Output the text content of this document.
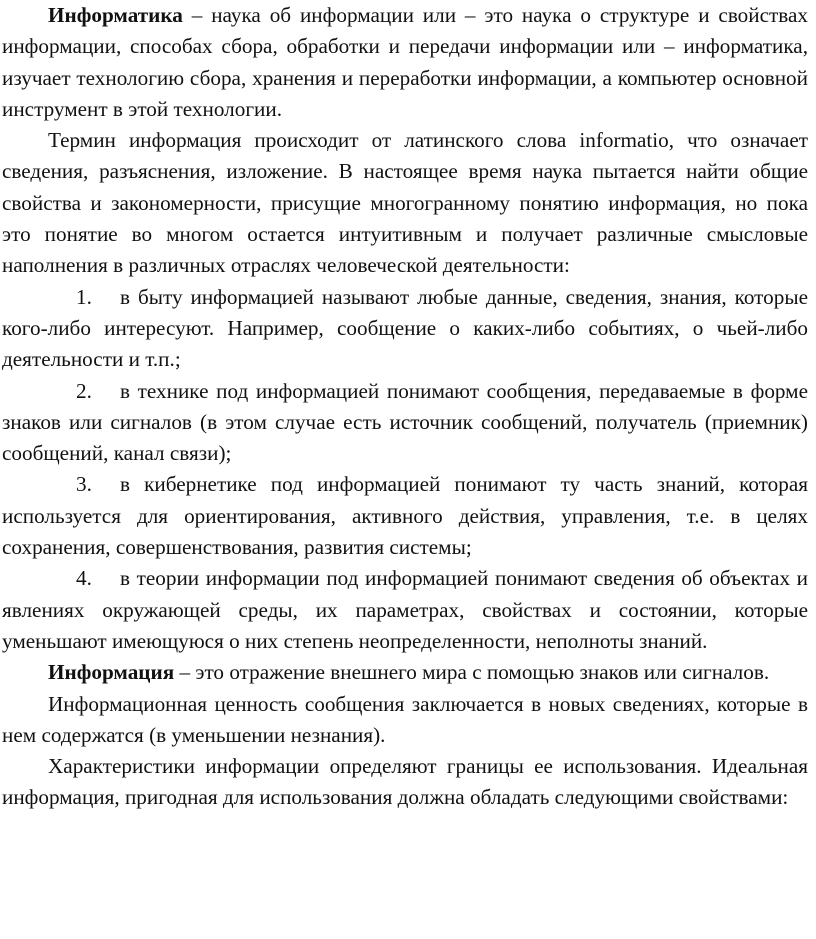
Информатика – наука об информации или – это наука о структуре и свойствах информации, способах сбора, обработки и передачи информации или – информатика, изучает технологию сбора, хранения и переработки информации, а компьютер основной инструмент в этой технологии.

Термин информация происходит от латинского слова informatio, что означает сведения, разъяснения, изложение. В настоящее время наука пытается найти общие свойства и закономерности, присущие многогранному понятию информация, но пока это понятие во многом остается интуитивным и получает различные смысловые наполнения в различных отраслях человеческой деятельности:

1. в быту информацией называют любые данные, сведения, знания, которые кого-либо интересуют. Например, сообщение о каких-либо событиях, о чьей-либо деятельности и т.п.;

2. в технике под информацией понимают сообщения, передаваемые в форме знаков или сигналов (в этом случае есть источник сообщений, получатель (приемник) сообщений, канал связи);

3. в кибернетике под информацией понимают ту часть знаний, которая используется для ориентирования, активного действия, управления, т.е. в целях сохранения, совершенствования, развития системы;

4. в теории информации под информацией понимают сведения об объектах и явлениях окружающей среды, их параметрах, свойствах и состоянии, которые уменьшают имеющуюся о них степень неопределенности, неполноты знаний.

Информация – это отражение внешнего мира с помощью знаков или сигналов.

Информационная ценность сообщения заключается в новых сведениях, которые в нем содержатся (в уменьшении незнания).

Характеристики информации определяют границы ее использования. Идеальная информация, пригодная для использования должна обладать следующими свойствами:
